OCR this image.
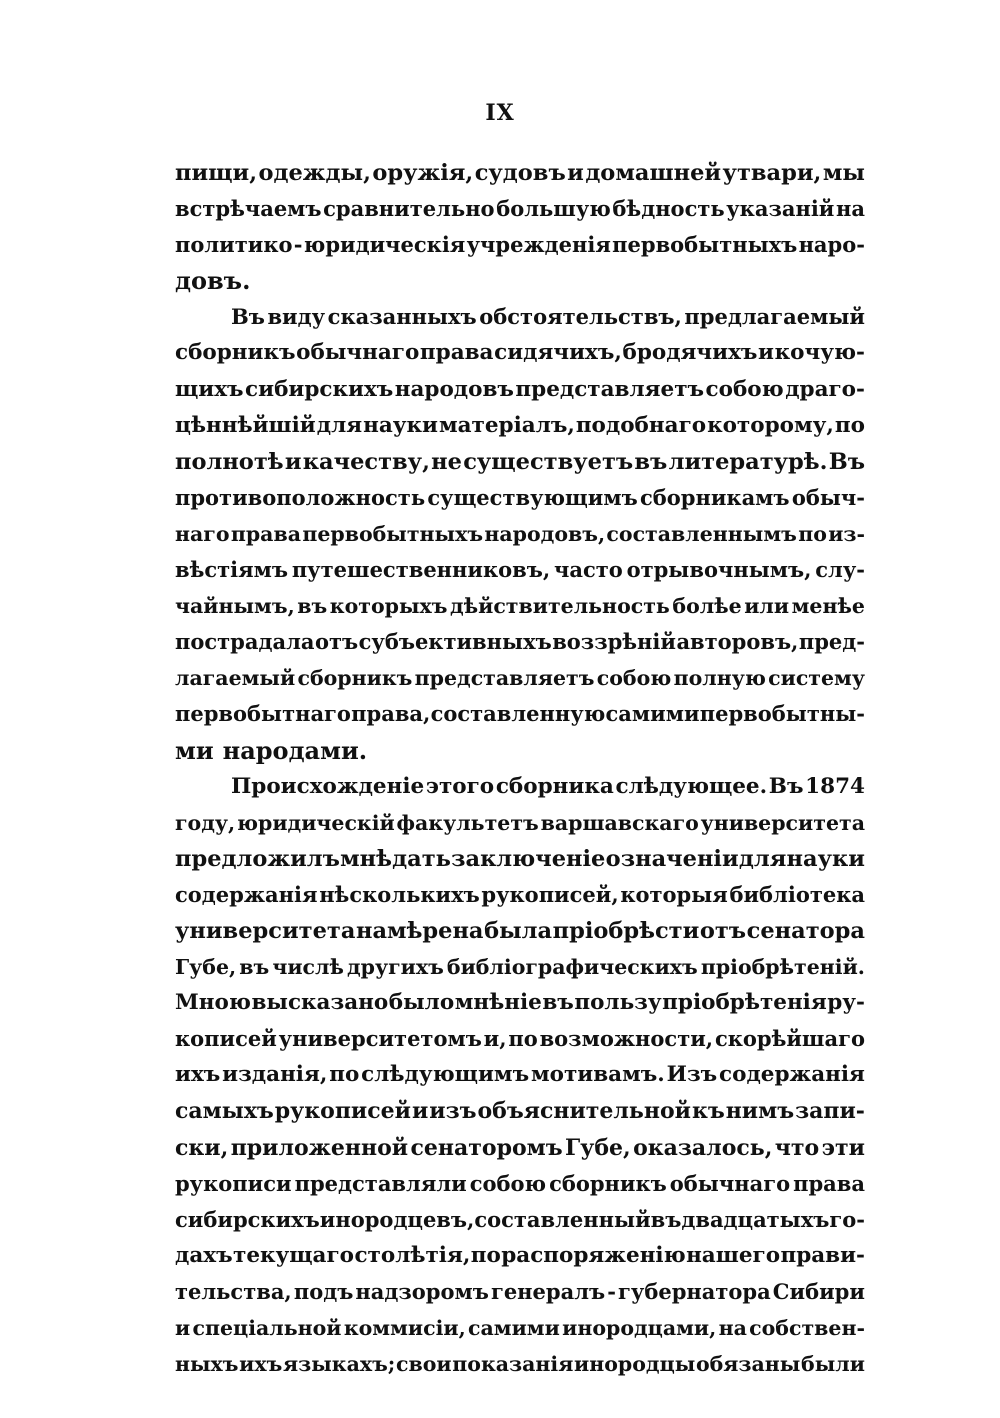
IX
пищи, одежды, оружія, судовъ и домашней утвари, мы
встрѣчаемъ сравнительно большую бѣдность указаній на
политико - юридическія учрежденія первобытныхъ наро-
довъ.
Въ виду сказанныхъ обстоятельствъ, предлагаемый
сборникъ обычнаго права сидячихъ, бродячихъ и кочую-
щихъ сибирскихъ народовъ представляетъ собою драго-
цѣннѣйшій для науки матеріалъ, подобнаго которому, по
полнотѣ и качеству, не существуетъ въ литературѣ. Въ
противоположность существующимъ сборникамъ обыч-
наго права первобытныхъ народовъ, составленнымъ по из-
вѣстіямъ путешественниковъ, часто отрывочнымъ, слу-
чайнымъ, въ которыхъ дѣйствительность болѣе или менѣе
пострадала отъ субъективныхъ воззрѣній авторовъ, пред-
лагаемый сборникъ представляетъ собою полную систему
первобытнаго права, составленную самими первобытны-
ми народами.
Происхожденіе этого сборника слѣдующее. Въ 1874
году, юридическій факультетъ варшавскаго университета
предложилъ мнѣ дать заключеніе о значеніи для науки
содержанія нѣсколькихъ рукописей, которыя библіотека
университета намѣрена была пріобрѣсти отъ сенатора
Губе, въ числѣ другихъ библіографическихъ пріобрѣтеній.
Мною высказано было мнѣніе въ пользу пріобрѣтенія ру-
кописей университетомъ и, по возможности, скорѣйшаго
ихъ изданія, по слѣдующимъ мотивамъ. Изъ содержанія
самыхъ рукописей и изъ объяснительной къ нимъ запи-
ски, приложенной сенаторомъ Губе, оказалось, что эти
рукописи представляли собою сборникъ обычнаго права
сибирскихъ инородцевъ, составленный въ двадцатыхъ го-
дахъ текущаго столѣтія, по распоряженію нашего прави-
тельства, подъ надзоромъ генералъ - губернатора Сибири
и спеціальной коммисіи, самими инородцами, на собствен-
ныхъ ихъ языкахъ; свои показанія инородцы обязаны были
